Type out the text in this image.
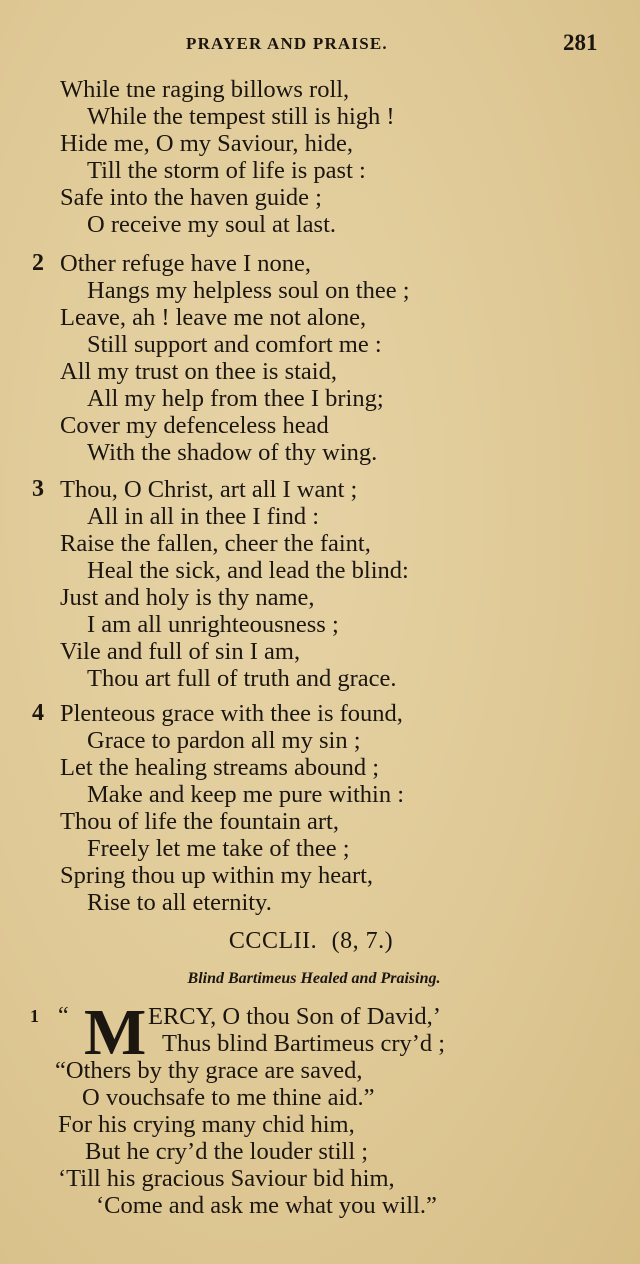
PRAYER AND PRAISE.	281
While tne raging billows roll,
While the tempest still is high !
Hide me, O my Saviour, hide,
Till the storm of life is past :
Safe into the haven guide ;
O receive my soul at last.
2 Other refuge have I none,
Hangs my helpless soul on thee ;
Leave, ah ! leave me not alone,
Still support and comfort me :
All my trust on thee is staid,
All my help from thee I bring;
Cover my defenceless head
With the shadow of thy wing.
3 Thou, O Christ, art all I want ;
All in all in thee I find :
Raise the fallen, cheer the faint,
Heal the sick, and lead the blind:
Just and holy is thy name,
I am all unrighteousness ;
Vile and full of sin I am,
Thou art full of truth and grace.
4 Plenteous grace with thee is found,
Grace to pardon all my sin ;
Let the healing streams abound ;
Make and keep me pure within :
Thou of life the fountain art,
Freely let me take of thee ;
Spring thou up within my heart,
Rise to all eternity.
CCCLII. (8, 7.)
Blind Bartimeus Healed and Praising.
1 “ M ERCY, O thou Son of David,’
Thus blind Bartimeus cry’d ;
“Others by thy grace are saved,
O vouchsafe to me thine aid.”
For his crying many chid him,
But he cry’d the louder still ;
‘Till his gracious Saviour bid him,
‘Come and ask me what you will.”
